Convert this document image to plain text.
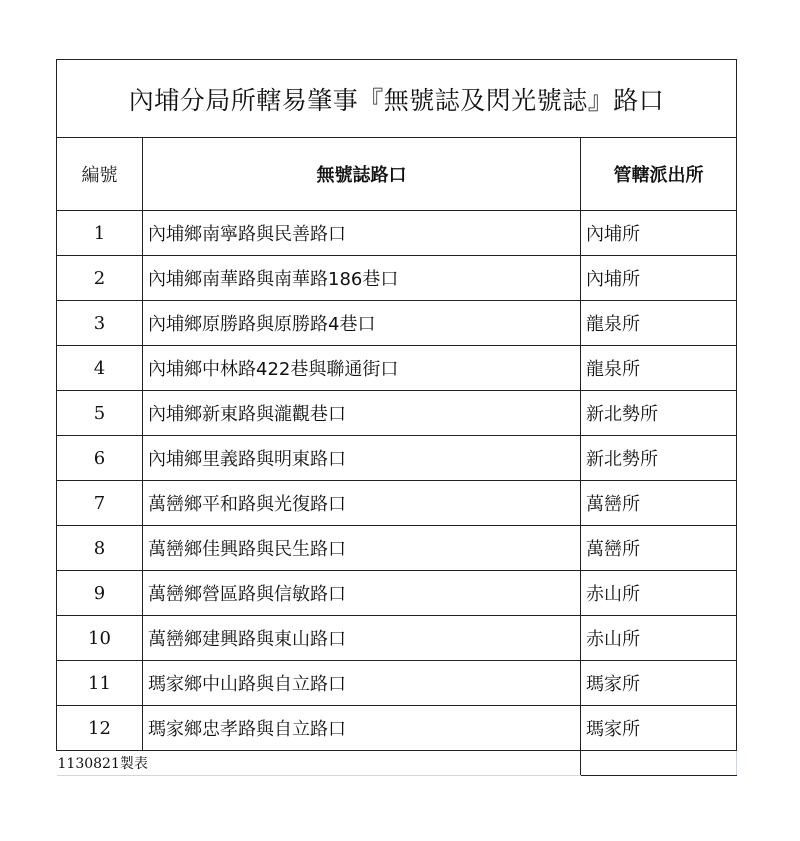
內埔分局所轄易肇事『無號誌及閃光號誌』路口		
編號	無號誌路口	管轄派出所
1	內埔鄉南寧路與民善路口	內埔所
2	內埔鄉南華路與南華路186巷口	內埔所
3	內埔鄉原勝路與原勝路4巷口	龍泉所
4	內埔鄉中林路422巷與聯通街口	龍泉所
5	內埔鄉新東路與瀧觀巷口	新北勢所
6	內埔鄉里義路與明東路口	新北勢所
7	萬巒鄉平和路與光復路口	萬巒所
8	萬巒鄉佳興路與民生路口	萬巒所
9	萬巒鄉營區路與信敏路口	赤山所
10	萬巒鄉建興路與東山路口	赤山所
11	瑪家鄉中山路與自立路口	瑪家所
12	瑪家鄉忠孝路與自立路口	瑪家所
1130821製表		
